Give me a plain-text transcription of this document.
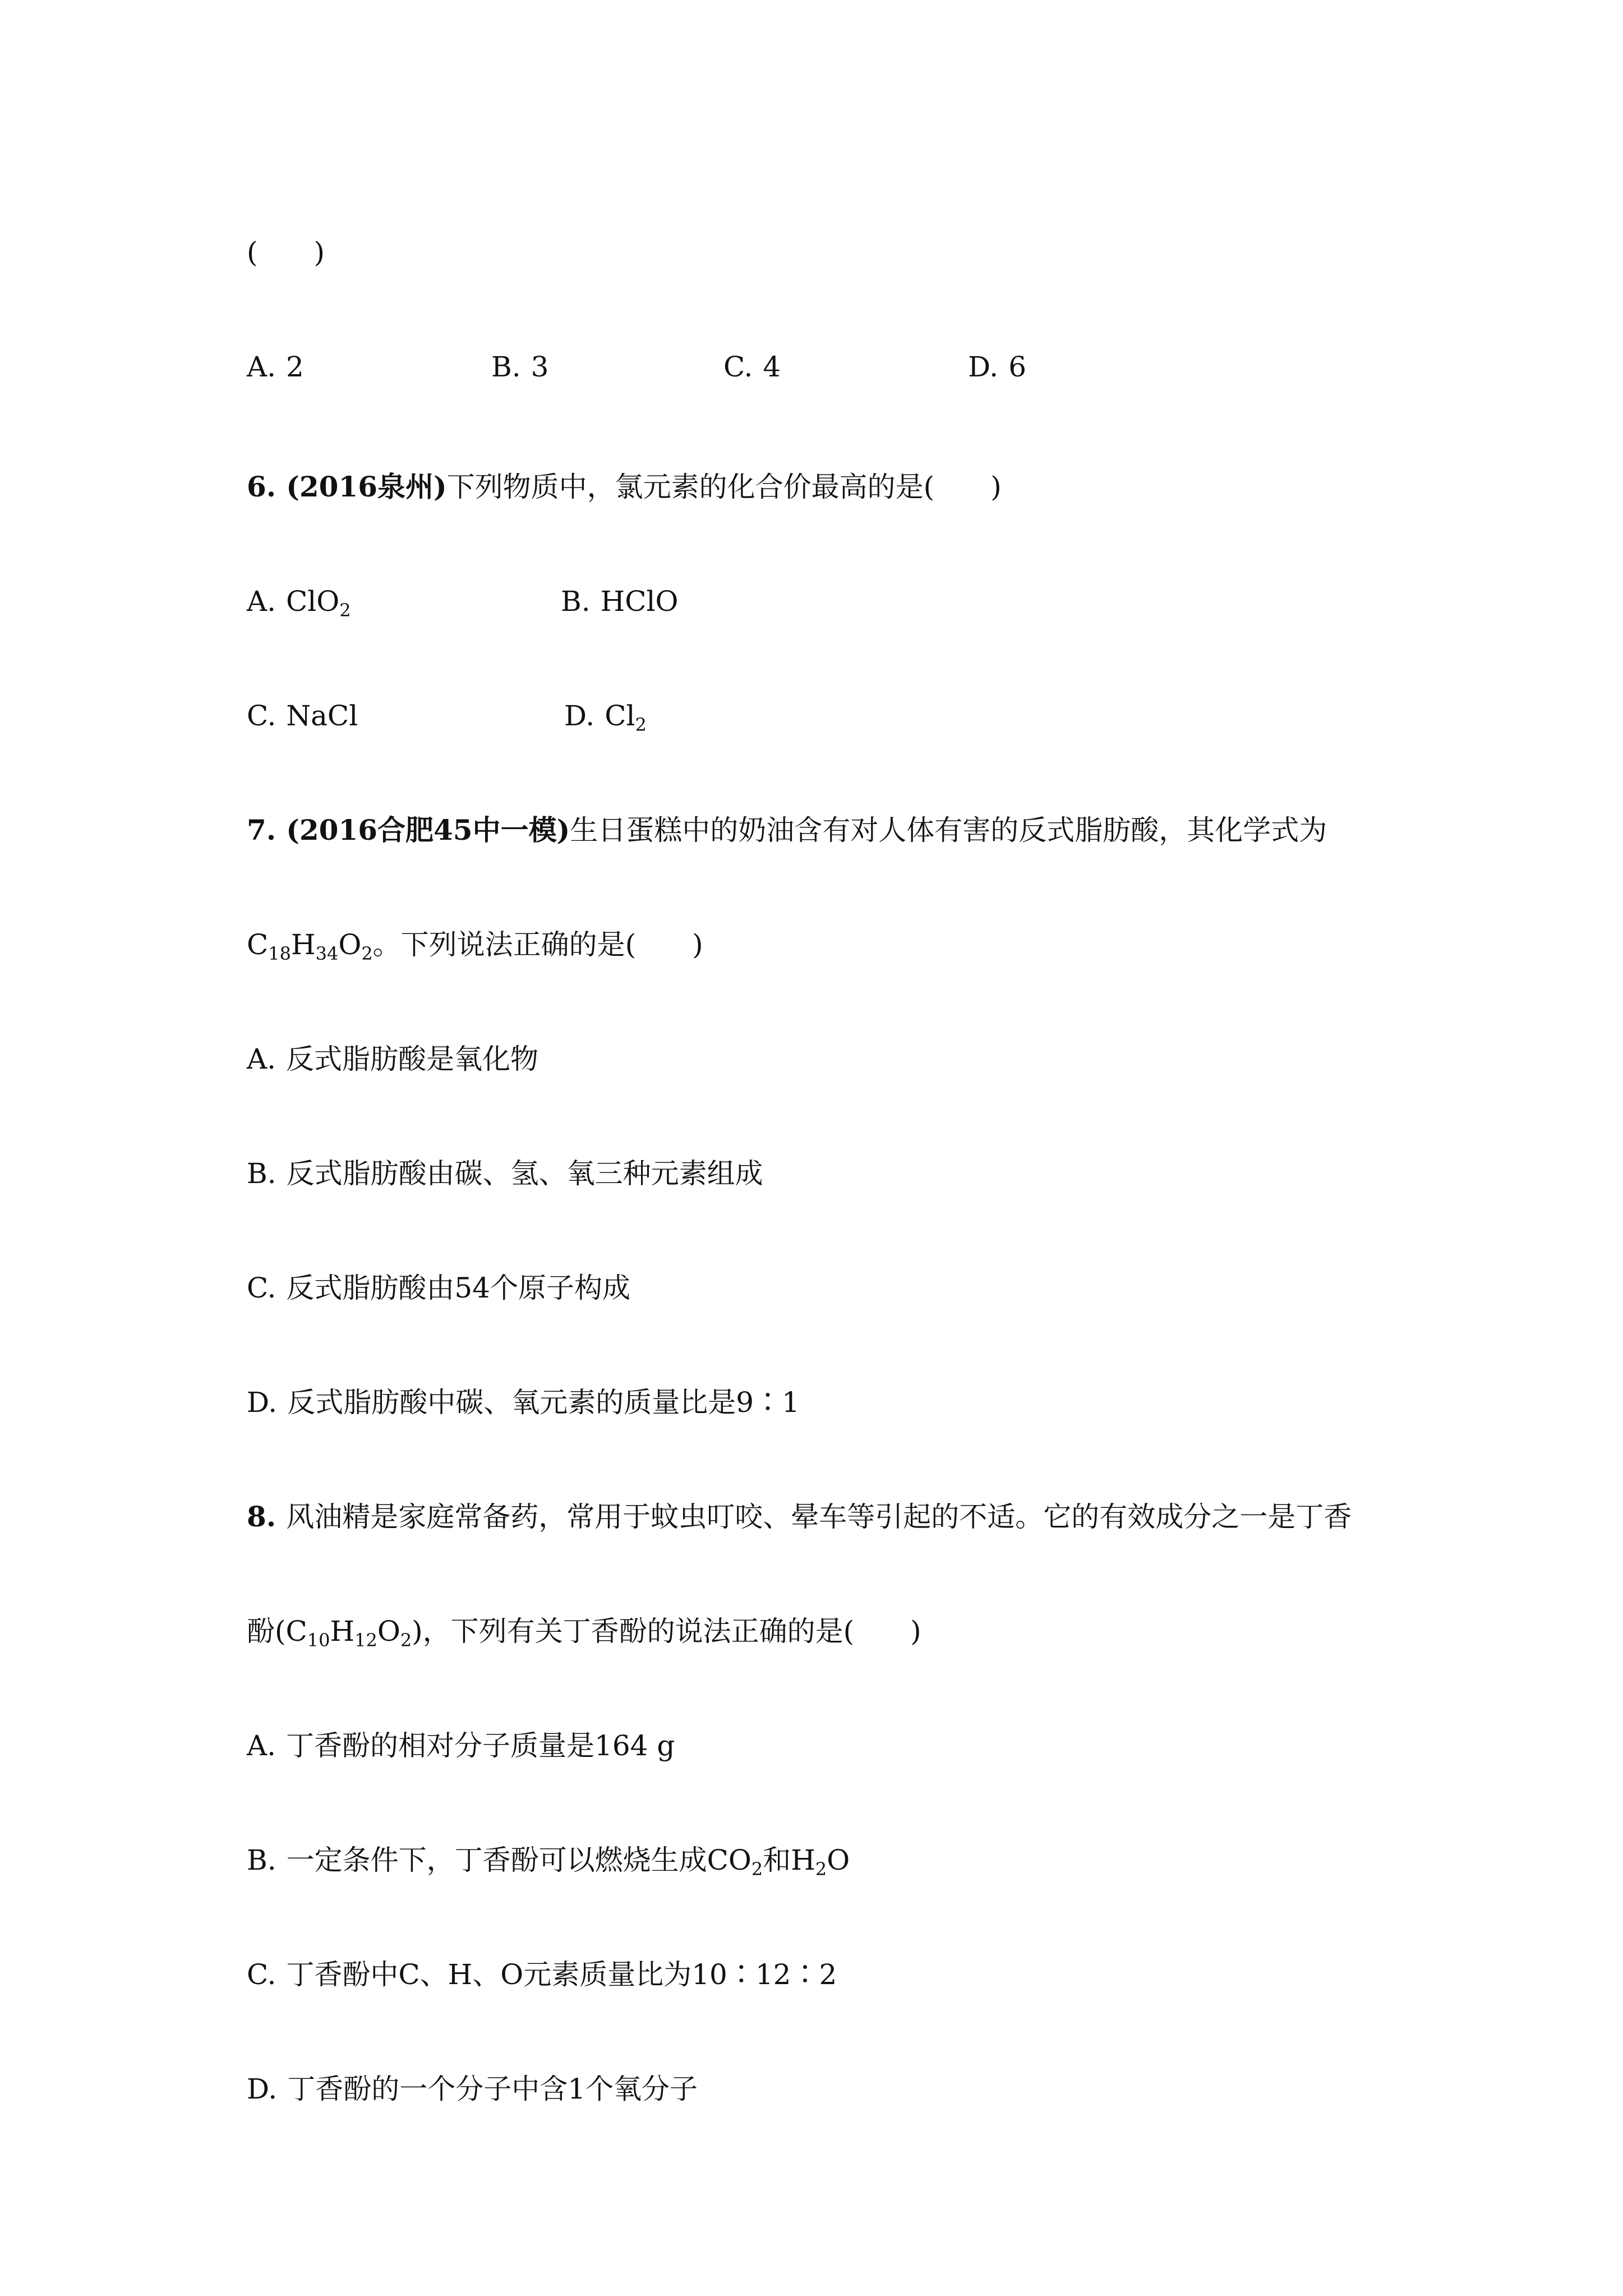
(　　)
A. 2	B. 3	C. 4	D. 6
6. (2016泉州)下列物质中，氯元素的化合价最高的是(　　)
A. ClO$_2$	B. HClO
C. NaCl	D. $Cl_2$
7. (2016合肥45中一模)生日蛋糕中的奶油含有对人体有害的反式脂肪酸，其化学式为
$C_{18}H_{34}O_2$。下列说法正确的是(　　)
A. 反式脂肪酸是氧化物
B. 反式脂肪酸由碳、氢、氧三种元素组成
C. 反式脂肪酸由54个原子构成
D. 反式脂肪酸中碳、氧元素的质量比是9∶1
8. 风油精是家庭常备药，常用于蚊虫叮咬、晕车等引起的不适。它的有效成分之一是丁香
酚$(C_{10}H_{12}O_2)$，下列有关丁香酚的说法正确的是(　　)
A. 丁香酚的相对分子质量是164 g
B. 一定条件下，丁香酚可以燃烧生成$CO_2$和$H_2O$
C. 丁香酚中C、H、O元素质量比为10∶12∶2
D. 丁香酚的一个分子中含1个氧分子
